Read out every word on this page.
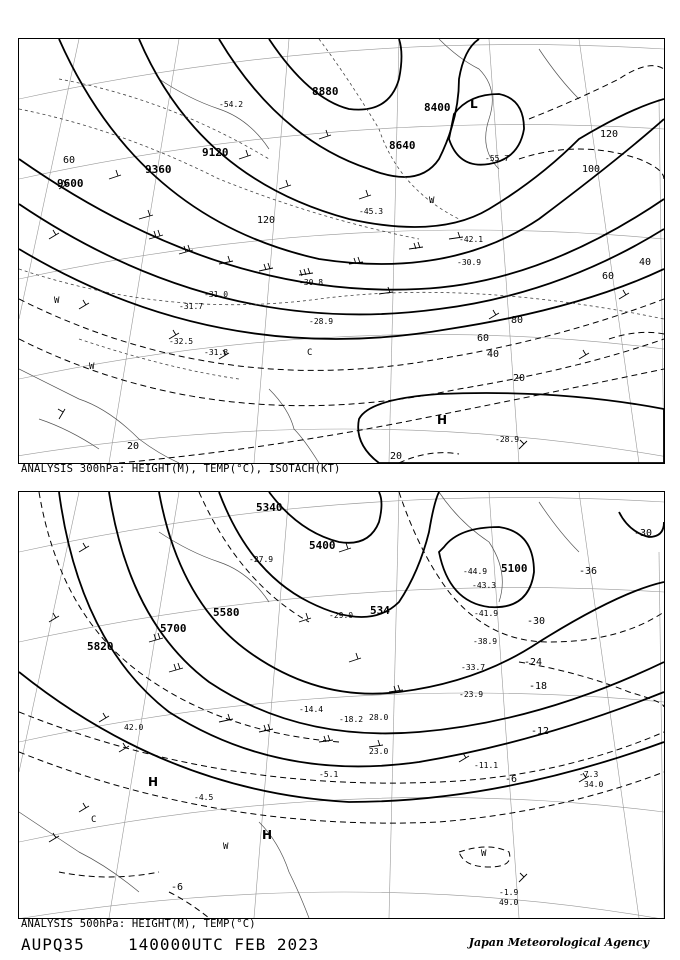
8880
8400
8640
9120
9360
9600
120
80
60
40
20
100
120
60
40
60
20
20
-31.0
-31.7
-31.8
-32.5
-30.8
-42.1
-30.9
-28.9
-28.9
-54.2
-55.7
-45.3
L
H
W
W
W
C
ANALYSIS 300hPa: HEIGHT(M), TEMP(°C), ISOTACH(KT)
5340
5400
5580
5700
5820
5100
534
-30
-36
-24
-18
-12
-6
-6
-30
-44.9
-43.3
-41.9
-38.9
-33.7
-27.9
-29.0
-23.9
-18.2
-14.4
-11.1
-7.3
-5.1
-4.5
-1.9
49.0
34.0
42.0
28.0
23.0
H
H
W
W
C
ANALYSIS 500hPa: HEIGHT(M), TEMP(°C)
AUPQ35	140000UTC FEB 2023	Japan Meteorological Agency
